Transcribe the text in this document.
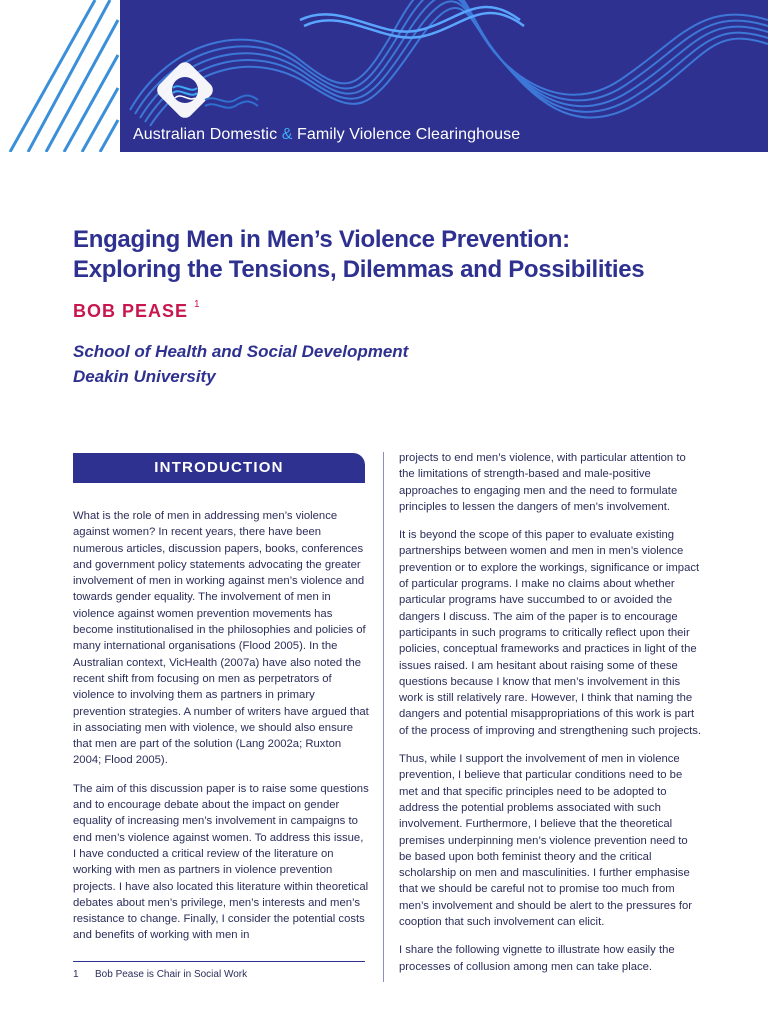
Australian Domestic & Family Violence Clearinghouse
Engaging Men in Men’s Violence Prevention:
Exploring the Tensions, Dilemmas and Possibilities
BOB PEASE $^1$
School of Health and Social Development
Deakin University
INTRODUCTION

What is the role of men in addressing men’s violence against women? In recent years, there have been numerous articles, discussion papers, books, conferences and government policy statements advocating the greater involvement of men in working against men’s violence and towards gender equality. The involvement of men in violence against women prevention movements has become institutionalised in the philosophies and policies of many international organisations (Flood 2005). In the Australian context, VicHealth (2007a) have also noted the recent shift from focusing on men as perpetrators of violence to involving them as partners in primary prevention strategies. A number of writers have argued that in associating men with violence, we should also ensure that men are part of the solution (Lang 2002a; Ruxton 2004; Flood 2005).

The aim of this discussion paper is to raise some questions and to encourage debate about the impact on gender equality of increasing men’s involvement in campaigns to end men’s violence against women. To address this issue, I have conducted a critical review of the literature on working with men as partners in violence prevention projects. I have also located this literature within theoretical debates about men’s privilege, men’s interests and men’s resistance to change. Finally, I consider the potential costs and benefits of working with men in

projects to end men’s violence, with particular attention to the limitations of strength-based and male-positive approaches to engaging men and the need to formulate principles to lessen the dangers of men’s involvement.

It is beyond the scope of this paper to evaluate existing partnerships between women and men in men’s violence prevention or to explore the workings, significance or impact of particular programs. I make no claims about whether particular programs have succumbed to or avoided the dangers I discuss. The aim of the paper is to encourage participants in such programs to critically reflect upon their policies, conceptual frameworks and practices in light of the issues raised. I am hesitant about raising some of these questions because I know that men’s involvement in this work is still relatively rare. However, I think that naming the dangers and potential misappropriations of this work is part of the process of improving and strengthening such projects.

Thus, while I support the involvement of men in violence prevention, I believe that particular conditions need to be met and that specific principles need to be adopted to address the potential problems associated with such involvement. Furthermore, I believe that the theoretical premises underpinning men’s violence prevention need to be based upon both feminist theory and the critical scholarship on men and masculinities. I further emphasise that we should be careful not to promise too much from men’s involvement and should be alert to the pressures for cooption that such involvement can elicit.

I share the following vignette to illustrate how easily the processes of collusion among men can take place.

1 Bob Pease is Chair in Social Work
